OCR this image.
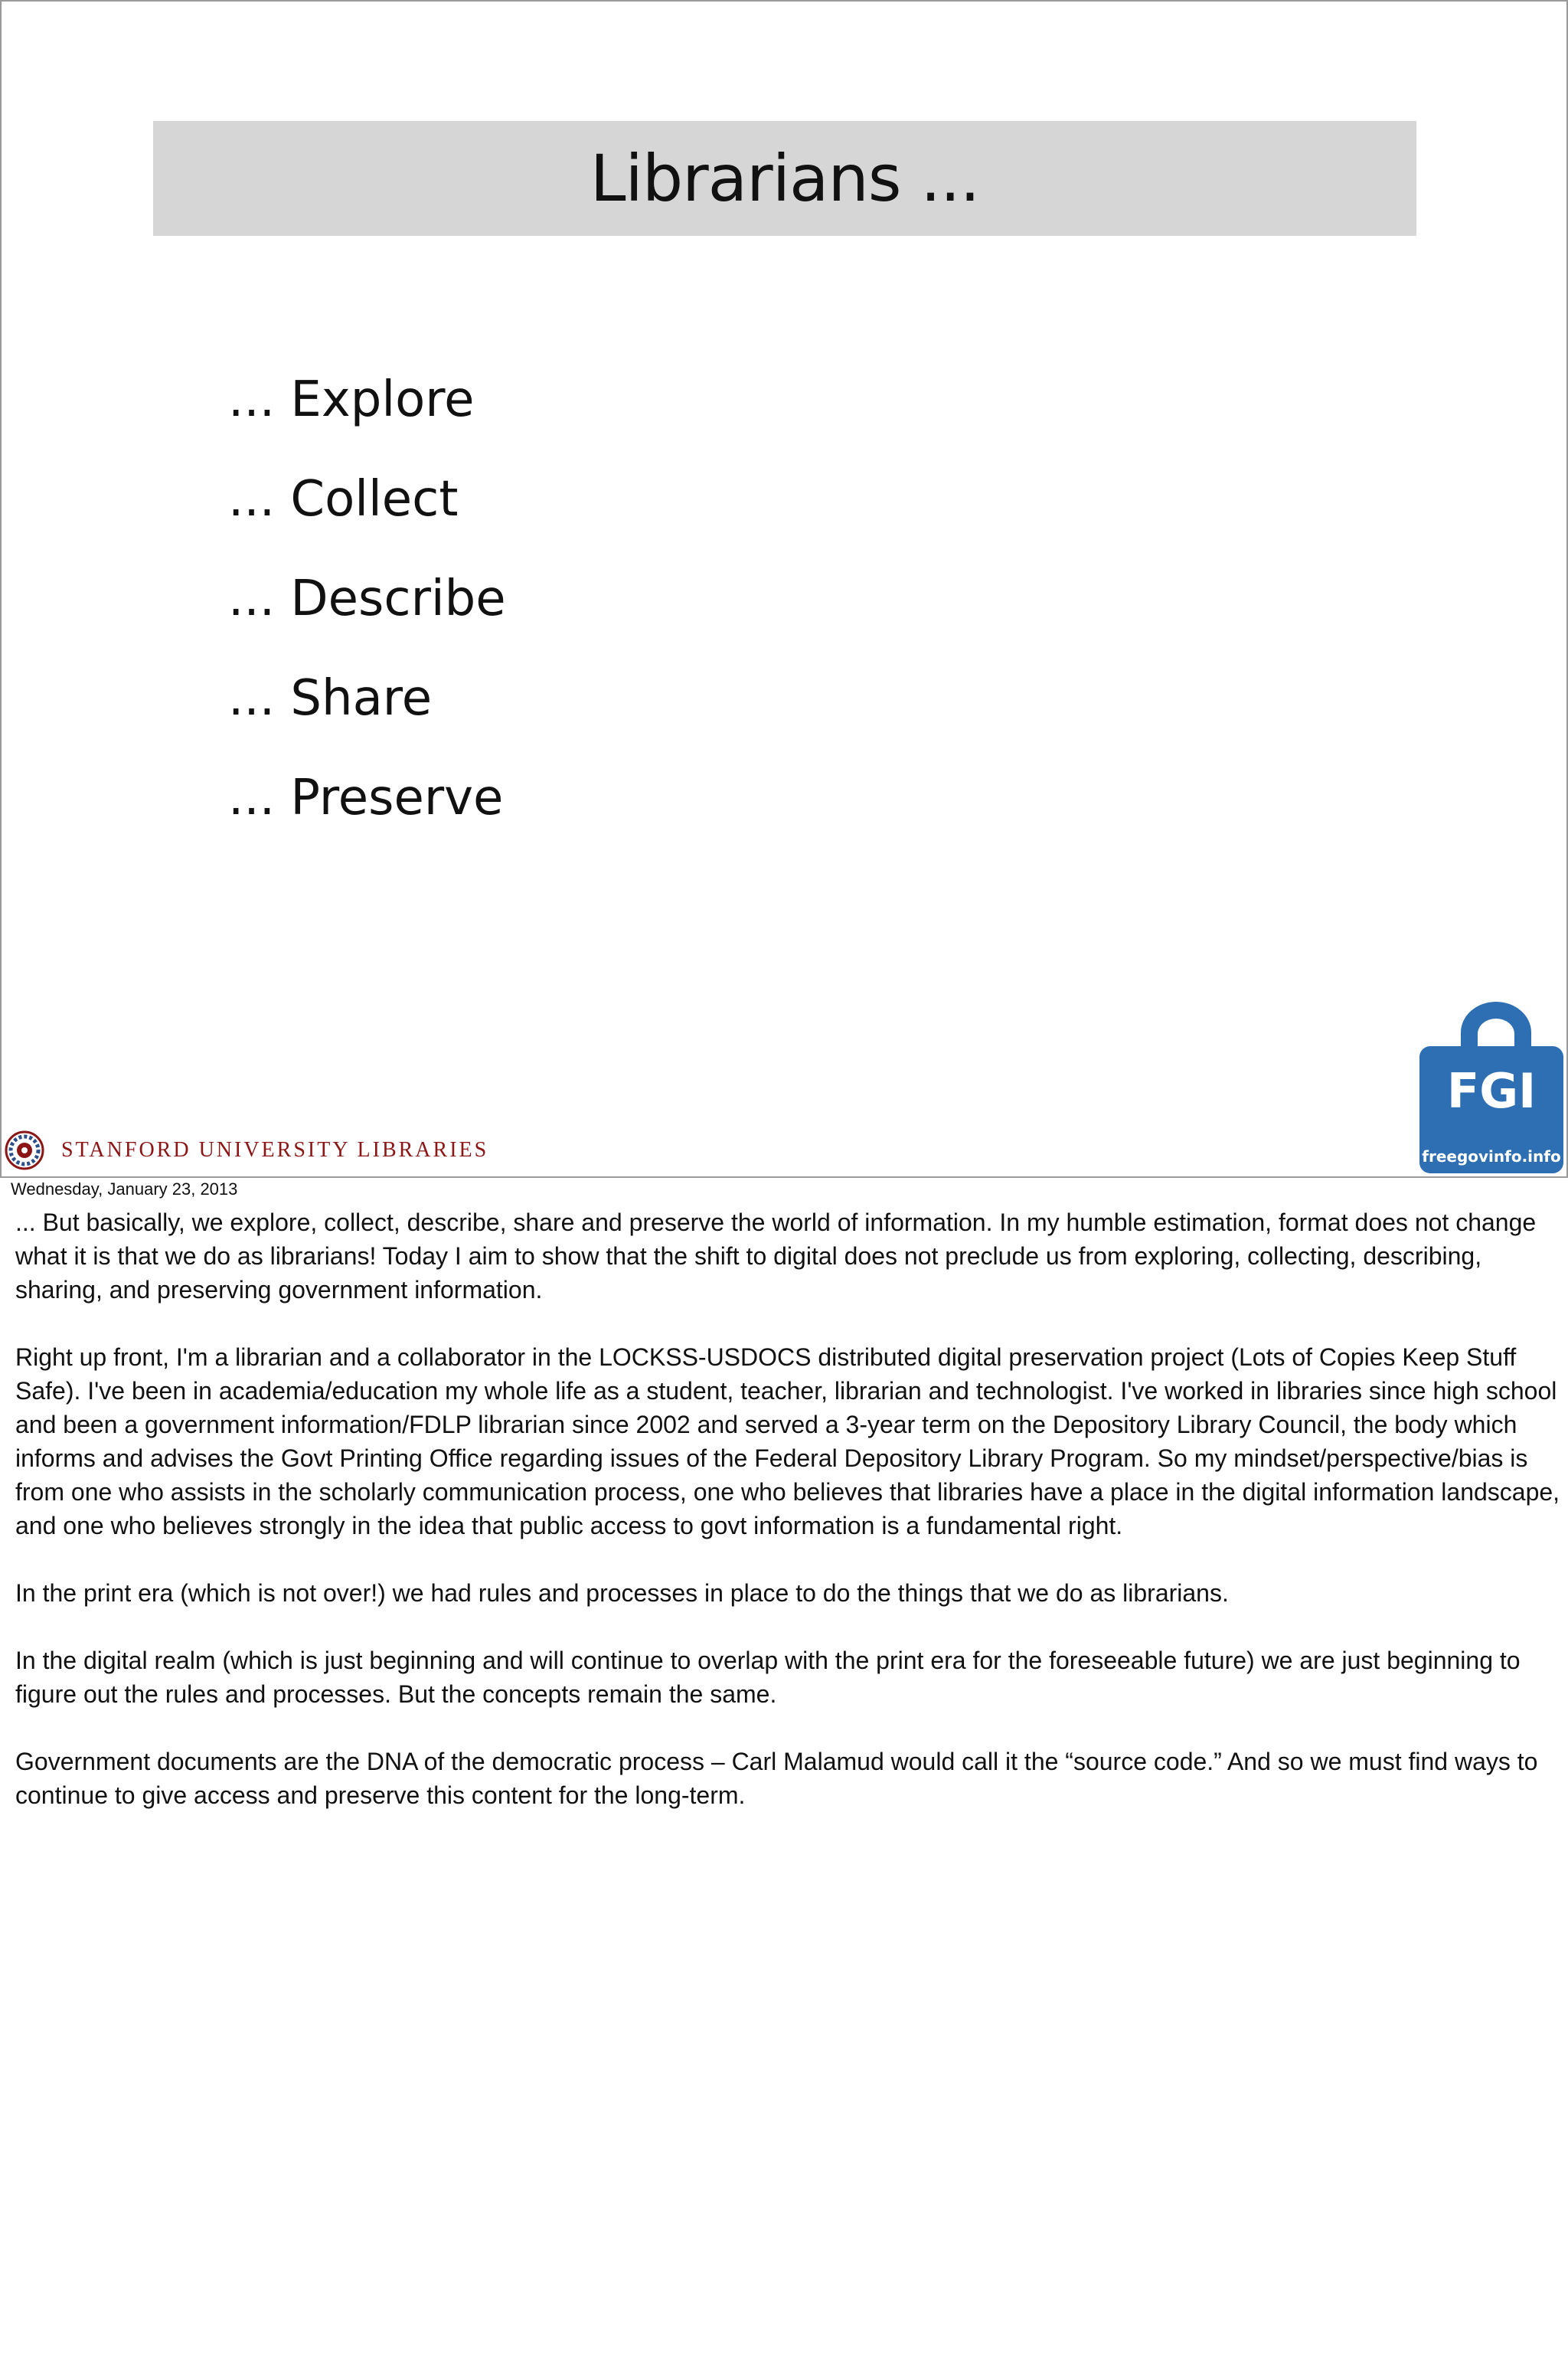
Librarians ...
... Explore
... Collect
... Describe
... Share
... Preserve
STANFORD UNIVERSITY LIBRARIES
FGI
freegovinfo.info
Wednesday, January 23, 2013

... But basically, we explore, collect, describe, share and preserve the world of information. In my humble estimation, format does not change what it is that we do as librarians! Today I aim to show that the shift to digital does not preclude us from exploring, collecting, describing, sharing, and preserving government information.

Right up front, I'm a librarian and a collaborator in the LOCKSS-USDOCS distributed digital preservation project (Lots of Copies Keep Stuff Safe). I've been in academia/education my whole life as a student, teacher, librarian and technologist. I've worked in libraries since high school and been a government information/FDLP librarian since 2002 and served a 3-year term on the Depository Library Council, the body which informs and advises the Govt Printing Office regarding issues of the Federal Depository Library Program. So my mindset/perspective/bias is from one who assists in the scholarly communication process, one who believes that libraries have a place in the digital information landscape, and one who believes strongly in the idea that public access to govt information is a fundamental right.

In the print era (which is not over!) we had rules and processes in place to do the things that we do as librarians.

In the digital realm (which is just beginning and will continue to overlap with the print era for the foreseeable future) we are just beginning to figure out the rules and processes. But the concepts remain the same.

Government documents are the DNA of the democratic process – Carl Malamud would call it the “source code.” And so we must find ways to continue to give access and preserve this content for the long-term.
